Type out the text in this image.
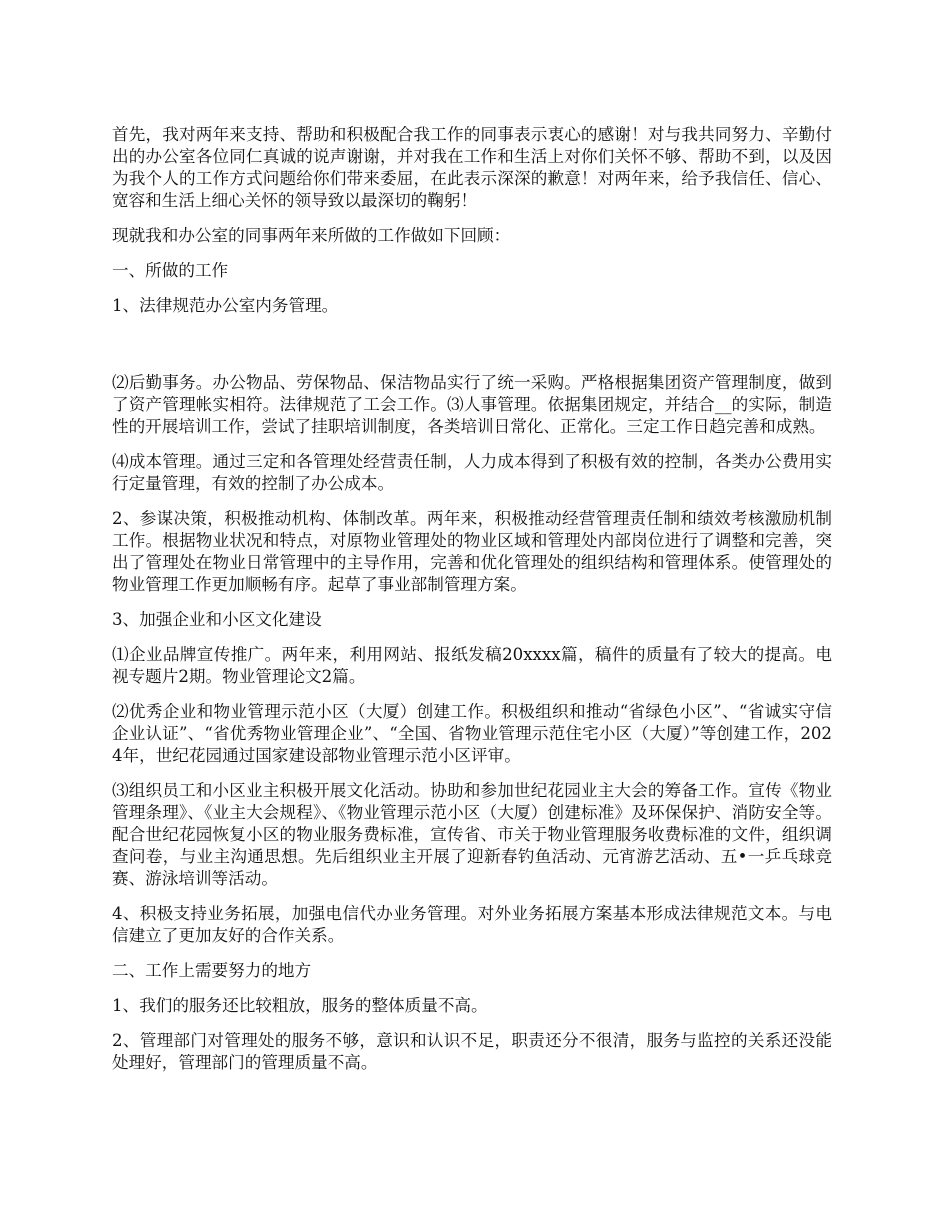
首先，我对两年来支持、帮助和积极配合我工作的同事表示衷心的感谢！对与我共同努力、辛勤付出的办公室各位同仁真诚的说声谢谢，并对我在工作和生活上对你们关怀不够、帮助不到，以及因为我个人的工作方式问题给你们带来委屈，在此表示深深的歉意！对两年来，给予我信任、信心、宽容和生活上细心关怀的领导致以最深切的鞠躬！

现就我和办公室的同事两年来所做的工作做如下回顾：

一、所做的工作

1、法律规范办公室内务管理。

⑵后勤事务。办公物品、劳保物品、保洁物品实行了统一采购。严格根据集团资产管理制度，做到了资产管理帐实相符。法律规范了工会工作。⑶人事管理。依据集团规定，并结合__的实际，制造性的开展培训工作，尝试了挂职培训制度，各类培训日常化、正常化。三定工作日趋完善和成熟。

⑷成本管理。通过三定和各管理处经营责任制，人力成本得到了积极有效的控制，各类办公费用实行定量管理，有效的控制了办公成本。

2、参谋决策，积极推动机构、体制改革。两年来，积极推动经营管理责任制和绩效考核激励机制工作。根据物业状况和特点，对原物业管理处的物业区域和管理处内部岗位进行了调整和完善，突出了管理处在物业日常管理中的主导作用，完善和优化管理处的组织结构和管理体系。使管理处的物业管理工作更加顺畅有序。起草了事业部制管理方案。

3、加强企业和小区文化建设

⑴企业品牌宣传推广。两年来，利用网站、报纸发稿20xxxx篇，稿件的质量有了较大的提高。电视专题片2期。物业管理论文2篇。

⑵优秀企业和物业管理示范小区（大厦）创建工作。积极组织和推动“省绿色小区”、“省诚实守信企业认证”、“省优秀物业管理企业”、“全国、省物业管理示范住宅小区（大厦）”等创建工作，2024年，世纪花园通过国家建设部物业管理示范小区评审。

⑶组织员工和小区业主积极开展文化活动。协助和参加世纪花园业主大会的筹备工作。宣传《物业管理条理》、《业主大会规程》、《物业管理示范小区（大厦）创建标准》及环保保护、消防安全等。配合世纪花园恢复小区的物业服务费标准，宣传省、市关于物业管理服务收费标准的文件，组织调查问卷，与业主沟通思想。先后组织业主开展了迎新春钓鱼活动、元宵游艺活动、五•一乒乓球竞赛、游泳培训等活动。

4、积极支持业务拓展，加强电信代办业务管理。对外业务拓展方案基本形成法律规范文本。与电信建立了更加友好的合作关系。

二、工作上需要努力的地方

1、我们的服务还比较粗放，服务的整体质量不高。

2、管理部门对管理处的服务不够，意识和认识不足，职责还分不很清，服务与监控的关系还没能处理好，管理部门的管理质量不高。
